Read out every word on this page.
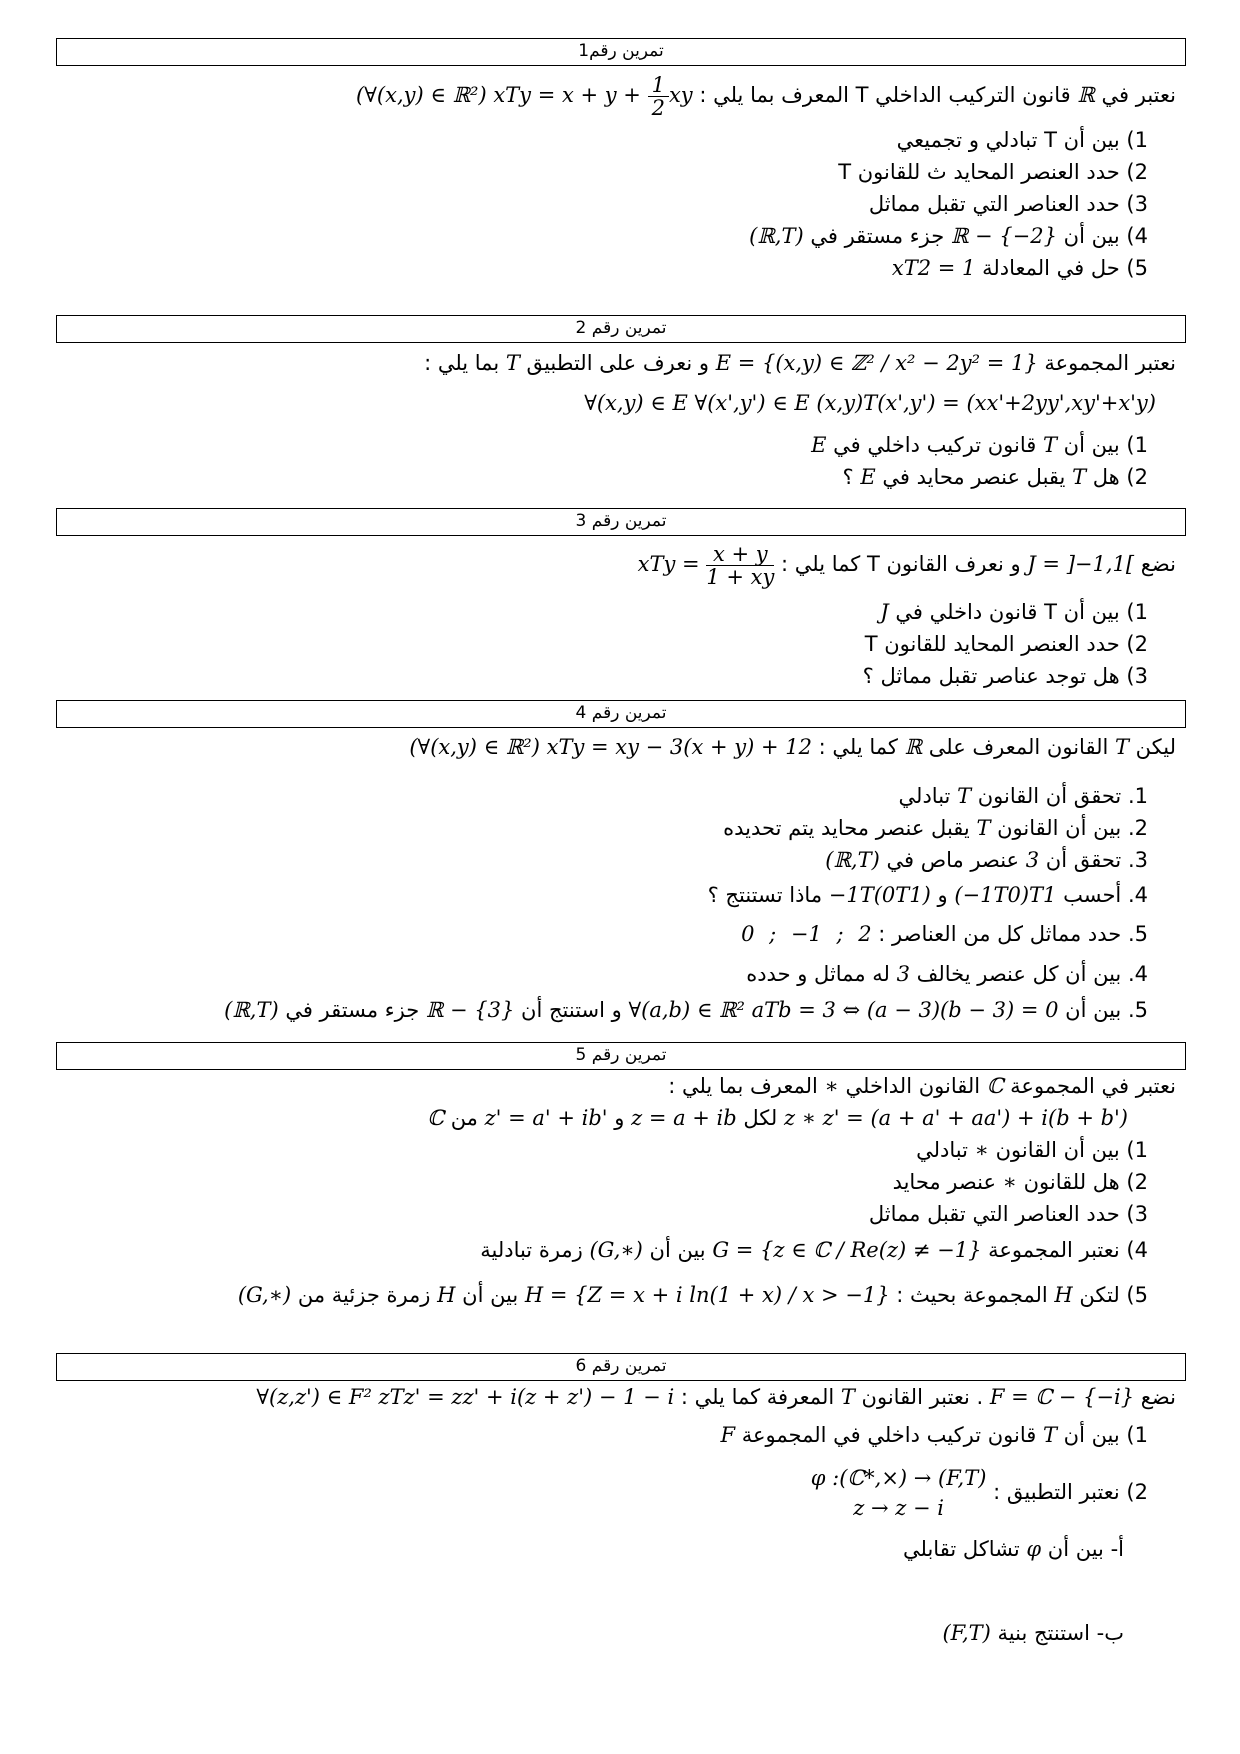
تمرين رقم1
نعتبر في ℝ قانون التركيب الداخلي T المعرف بما يلي : (∀(x,y) ∈ ℝ²) xTy = $x + y + \frac{1}{2}$ xy
1) بين أن T تبادلي و تجميعي
2) حدد العنصر المحايد ث للقانون T
3) حدد العناصر التي تقبل مماثل
4) بين أن ℝ − {−2} جزء مستقر في (ℝ,T)
5) حل في المعادلة xT2 = 1
تمرين رقم 2
نعتبر المجموعة E = {(x,y) ∈ ℤ² / x² − 2y² = 1} و نعرف على التطبيق T بما يلي :
∀(x,y) ∈ E ∀(x',y') ∈ E (x,y)T(x',y') = (xx'+2yy',xy'+x'y)
1) بين أن T قانون تركيب داخلي في E
2) هل T يقبل عنصر محايد في E ؟
تمرين رقم 3
نضع J = ]−1,1[ و نعرف القانون T كما يلي : xTy = $\frac{x + y}{1 + xy}$
1) بين أن T قانون داخلي في J
2) حدد العنصر المحايد للقانون T
3) هل توجد عناصر تقبل مماثل ؟
تمرين رقم 4
ليكن T القانون المعرف على ℝ كما يلي : (∀(x,y) ∈ ℝ²) xTy = xy − 3(x + y) + 12
1. تحقق أن القانون T تبادلي
2. بين أن القانون T يقبل عنصر محايد يتم تحديده
3. تحقق أن 3 عنصر ماص في (ℝ,T)
4. أحسب (−1T0)T1 و −1T(0T1) ماذا تستنتج ؟
5. حدد مماثل كل من العناصر : 0 ; −1 ; 2
4. بين أن كل عنصر يخالف 3 له مماثل و حدده
5. بين أن ∀(a,b) ∈ ℝ² aTb = 3 ⇔ (a − 3)(b − 3) = 0 و استنتج أن ℝ − {3} جزء مستقر في (ℝ,T)
تمرين رقم 5
نعتبر في المجموعة ℂ القانون الداخلي ∗ المعرف بما يلي :
z ∗ z' = (a + a' + aa') + i(b + b') لكل z = a + ib و z' = a' + ib' من ℂ
1) بين أن القانون ∗ تبادلي
2) هل للقانون ∗ عنصر محايد
3) حدد العناصر التي تقبل مماثل
4) نعتبر المجموعة G = {z ∈ ℂ / Re(z) ≠ −1} بين أن (G,∗) زمرة تبادلية
5) لتكن H المجموعة بحيث : H = {Z = x + i ln(1 + x) / x > −1} بين أن H زمرة جزئية من (G,∗)
تمرين رقم 6
نضع F = ℂ − {−i} . نعتبر القانون T المعرفة كما يلي : ∀(z,z') ∈ F² zTz' = zz' + i(z + z') − 1 − i
1) بين أن T قانون تركيب داخلي في المجموعة F
2) نعتبر التطبيق :
φ :(ℂ*,×) → (F,T)
z → z − i
أ- بين أن φ تشاكل تقابلي
ب- استنتج بنية (F,T)
